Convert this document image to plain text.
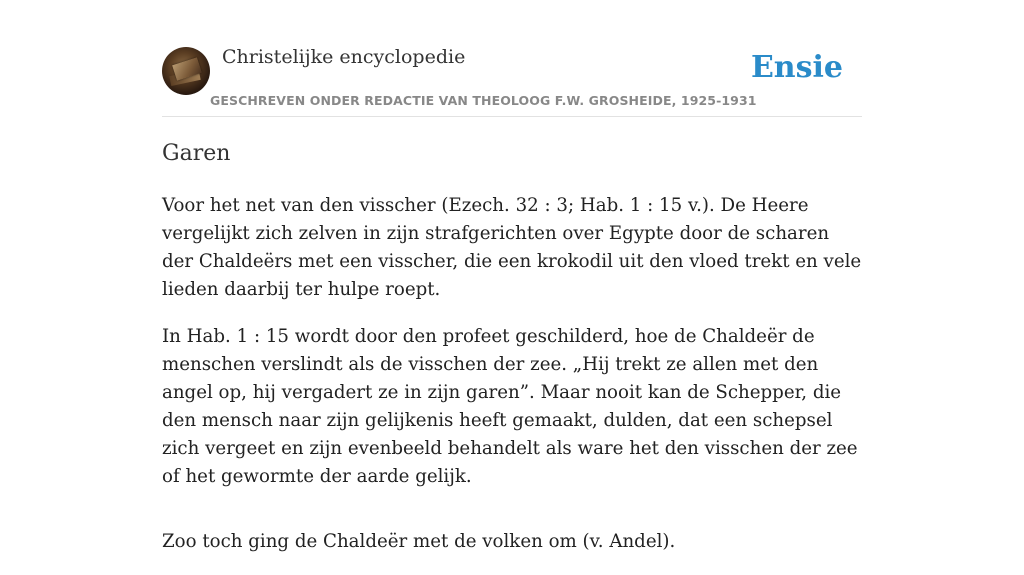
Christelijke encyclopedie	Ensie
GESCHREVEN ONDER REDACTIE VAN THEOLOOG F.W. GROSHEIDE, 1925-1931
Garen

Voor het net van den visscher (Ezech. 32 : 3; Hab. 1 : 15 v.). De Heere vergelijkt zich zelven in zijn strafgerichten over Egypte door de scharen der Chaldeërs met een visscher, die een krokodil uit den vloed trekt en vele lieden daarbij ter hulpe roept.

In Hab. 1 : 15 wordt door den profeet geschilderd, hoe de Chaldeër de menschen verslindt als de visschen der zee. „Hij trekt ze allen met den angel op, hij vergadert ze in zijn garen”. Maar nooit kan de Schepper, die den mensch naar zijn gelijkenis heeft gemaakt, dulden, dat een schepsel zich vergeet en zijn evenbeeld behandelt als ware het den visschen der zee of het gewormte der aarde gelijk.

Zoo toch ging de Chaldeër met de volken om (v. Andel).
